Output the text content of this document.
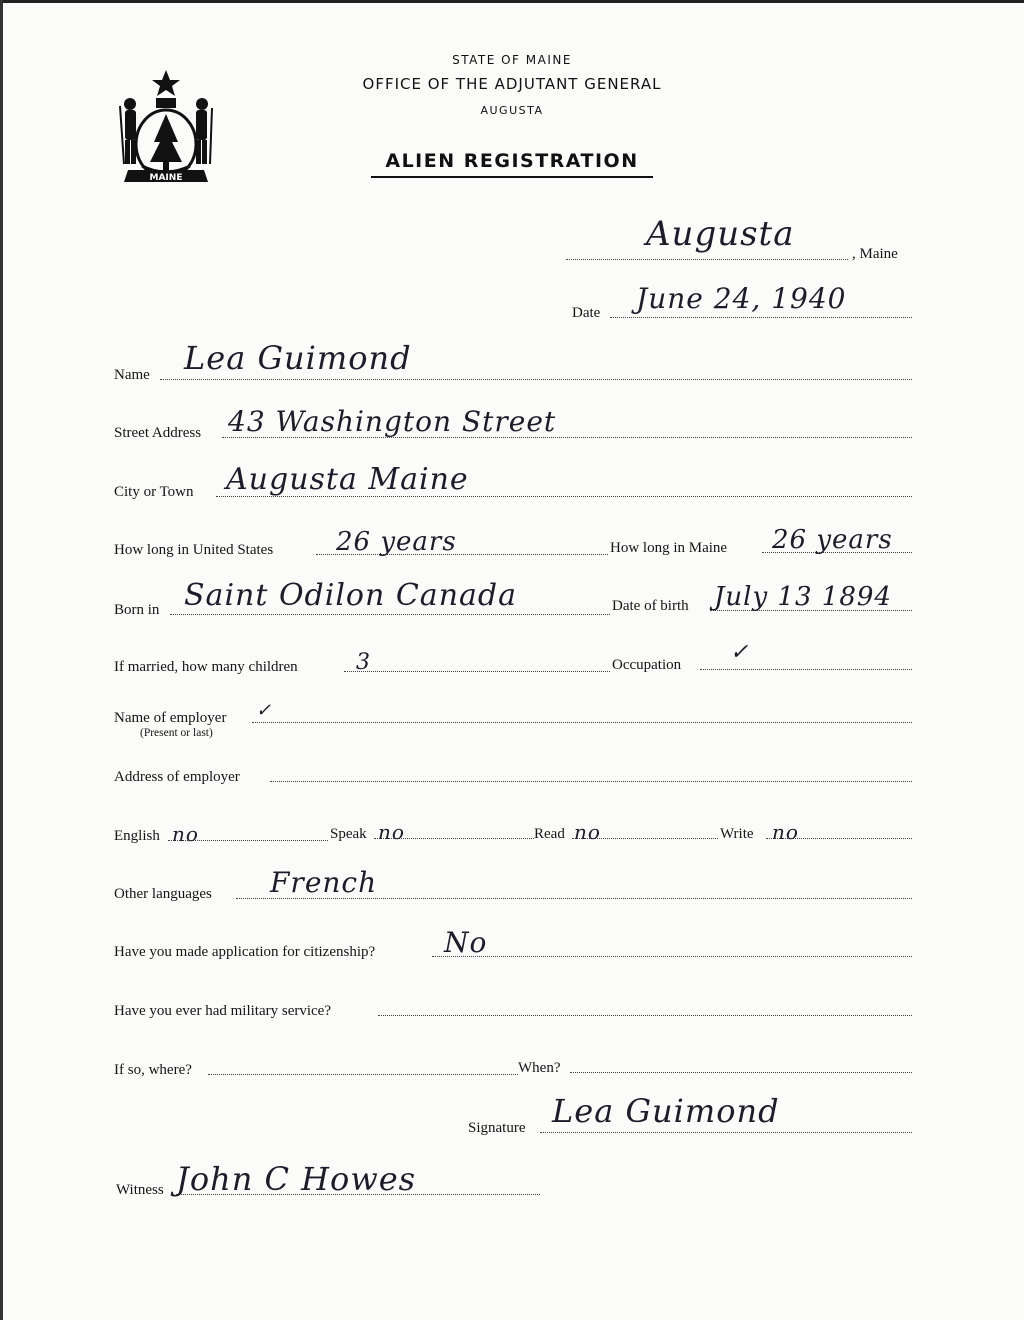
MAINE
STATE OF MAINE
OFFICE OF THE ADJUTANT GENERAL
AUGUSTA
ALIEN REGISTRATION
Augusta	, Maine
Date June 24, 1940
Name Lea Guimond
Street Address 43 Washington Street
City or Town Augusta Maine
How long in United States 26 years	How long in Maine 26 years
Born in Saint Odilon Canada	Date of birth July 13 1894
If married, how many children	3	Occupation ✓
Name of employer ✓
(Present or last)
Address of employer
English no	Speak no	Read no	Write no
Other languages French
Have you made application for citizenship? No
Have you ever had military service?
If so, where?	When?
Signature Lea Guimond
Witness John C Howes
